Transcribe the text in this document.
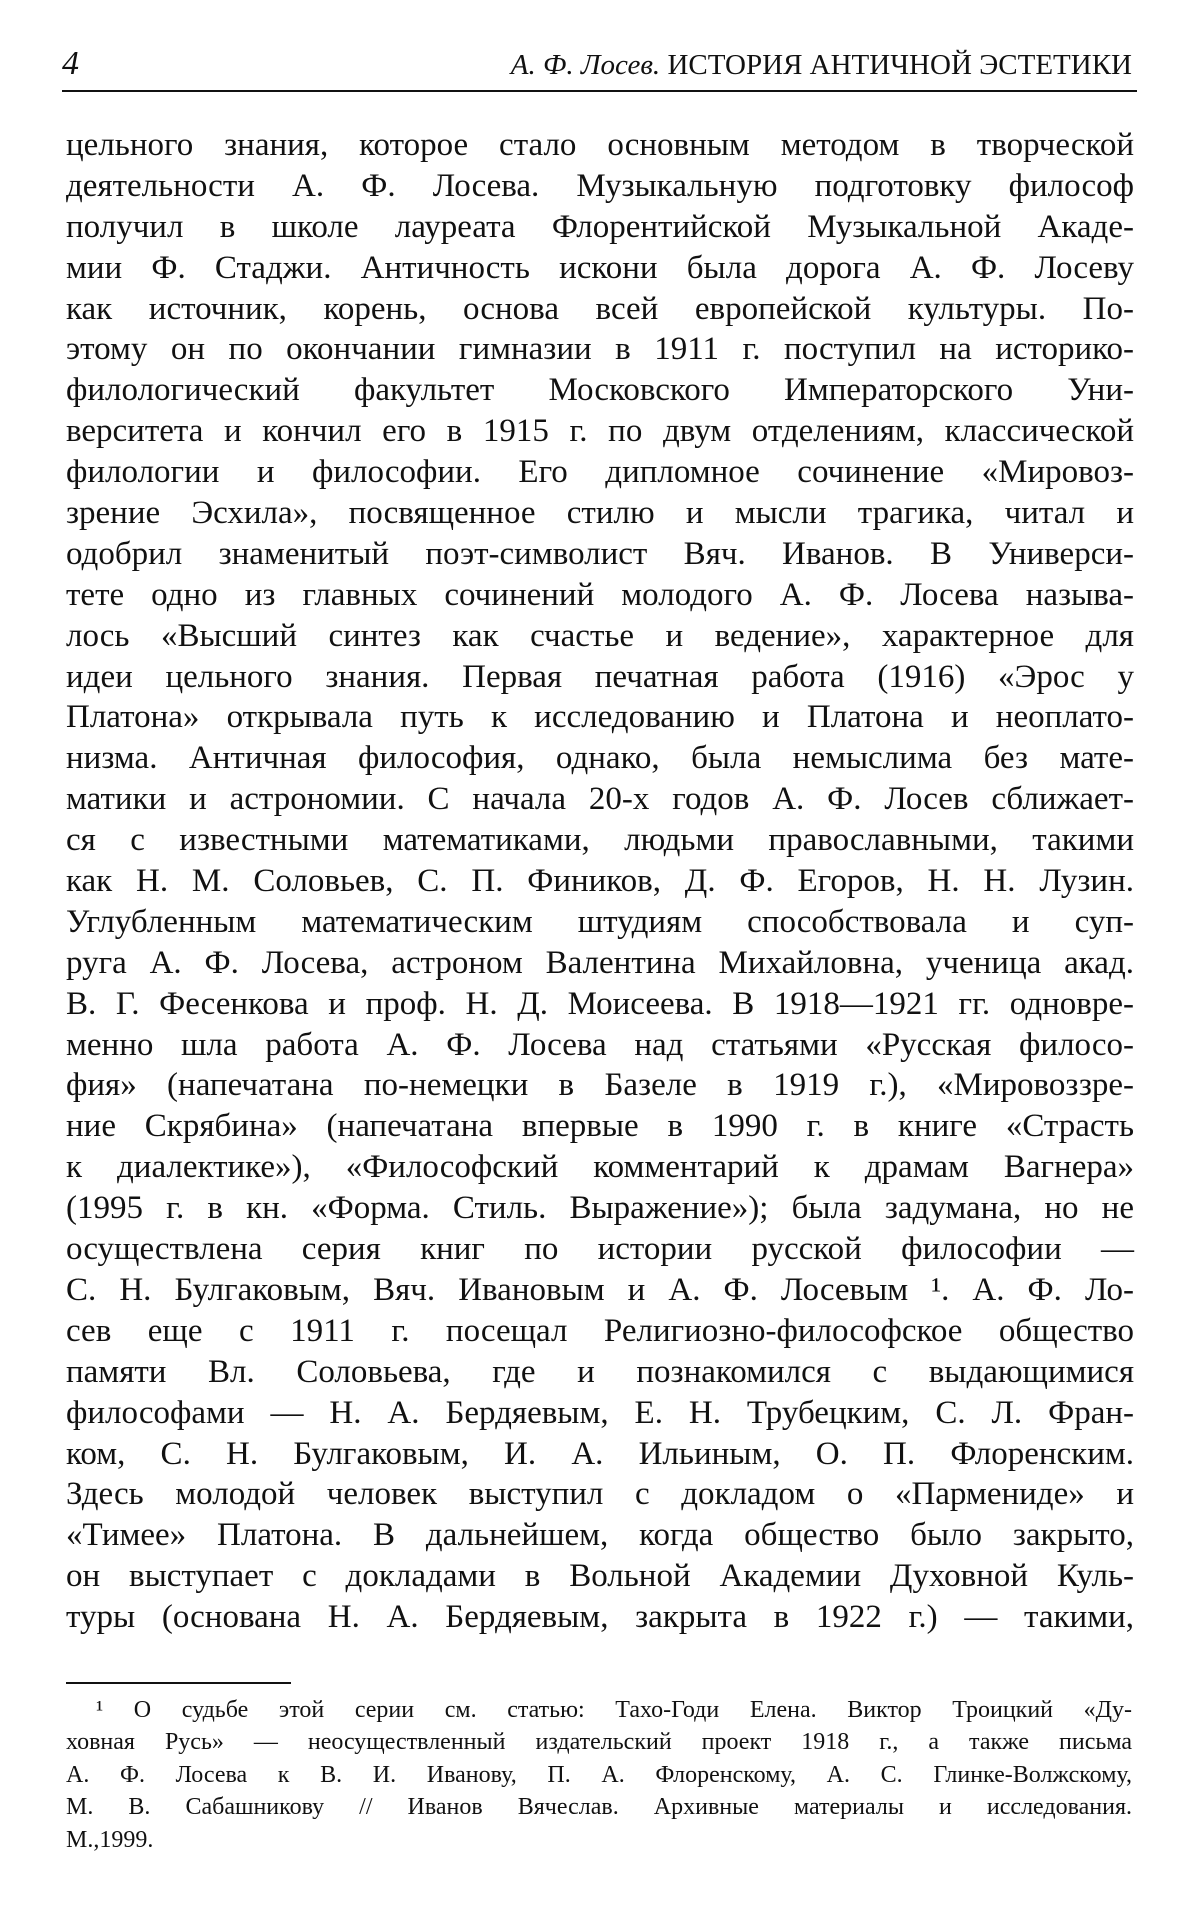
4	А. Ф. Лосев. ИСТОРИЯ АНТИЧНОЙ ЭСТЕТИКИ
цельного знания, которое стало основным методом в творческой
деятельности А. Ф. Лосева. Музыкальную подготовку философ
получил в школе лауреата Флорентийской Музыкальной Акаде-
мии Ф. Стаджи. Античность искони была дорога А. Ф. Лосеву
как источник, корень, основа всей европейской культуры. По-
этому он по окончании гимназии в 1911 г. поступил на историко-
филологический факультет Московского Императорского Уни-
верситета и кончил его в 1915 г. по двум отделениям, классической
филологии и философии. Его дипломное сочинение «Мировоз-
зрение Эсхила», посвященное стилю и мысли трагика, читал и
одобрил знаменитый поэт-символист Вяч. Иванов. В Универси-
тете одно из главных сочинений молодого А. Ф. Лосева называ-
лось «Высший синтез как счастье и ведение», характерное для
идеи цельного знания. Первая печатная работа (1916) «Эрос у
Платона» открывала путь к исследованию и Платона и неоплато-
низма. Античная философия, однако, была немыслима без мате-
матики и астрономии. С начала 20-х годов А. Ф. Лосев сближает-
ся с известными математиками, людьми православными, такими
как Н. М. Соловьев, С. П. Фиников, Д. Ф. Егоров, Н. Н. Лузин.
Углубленным математическим штудиям способствовала и суп-
руга А. Ф. Лосева, астроном Валентина Михайловна, ученица акад.
В. Г. Фесенкова и проф. Н. Д. Моисеева. В 1918—1921 гг. одновре-
менно шла работа А. Ф. Лосева над статьями «Русская филосо-
фия» (напечатана по-немецки в Базеле в 1919 г.), «Мировоззре-
ние Скрябина» (напечатана впервые в 1990 г. в книге «Страсть
к диалектике»), «Философский комментарий к драмам Вагнера»
(1995 г. в кн. «Форма. Стиль. Выражение»); была задумана, но не
осуществлена серия книг по истории русской философии —
С. Н. Булгаковым, Вяч. Ивановым и А. Ф. Лосевым ¹. А. Ф. Ло-
сев еще с 1911 г. посещал Религиозно-философское общество
памяти Вл. Соловьева, где и познакомился с выдающимися
философами — Н. А. Бердяевым, Е. Н. Трубецким, С. Л. Фран-
ком, С. Н. Булгаковым, И. А. Ильиным, О. П. Флоренским.
Здесь молодой человек выступил с докладом о «Пармениде» и
«Тимее» Платона. В дальнейшем, когда общество было закрыто,
он выступает с докладами в Вольной Академии Духовной Куль-
туры (основана Н. А. Бердяевым, закрыта в 1922 г.) — такими,
¹ О судьбе этой серии см. статью: Тахо-Годи Елена. Виктор Троицкий «Ду-
ховная Русь» — неосуществленный издательский проект 1918 г., а также письма
А. Ф. Лосева к В. И. Иванову, П. А. Флоренскому, А. С. Глинке-Волжскому,
М. В. Сабашникову // Иванов Вячеслав. Архивные материалы и исследования.
М.,1999.
